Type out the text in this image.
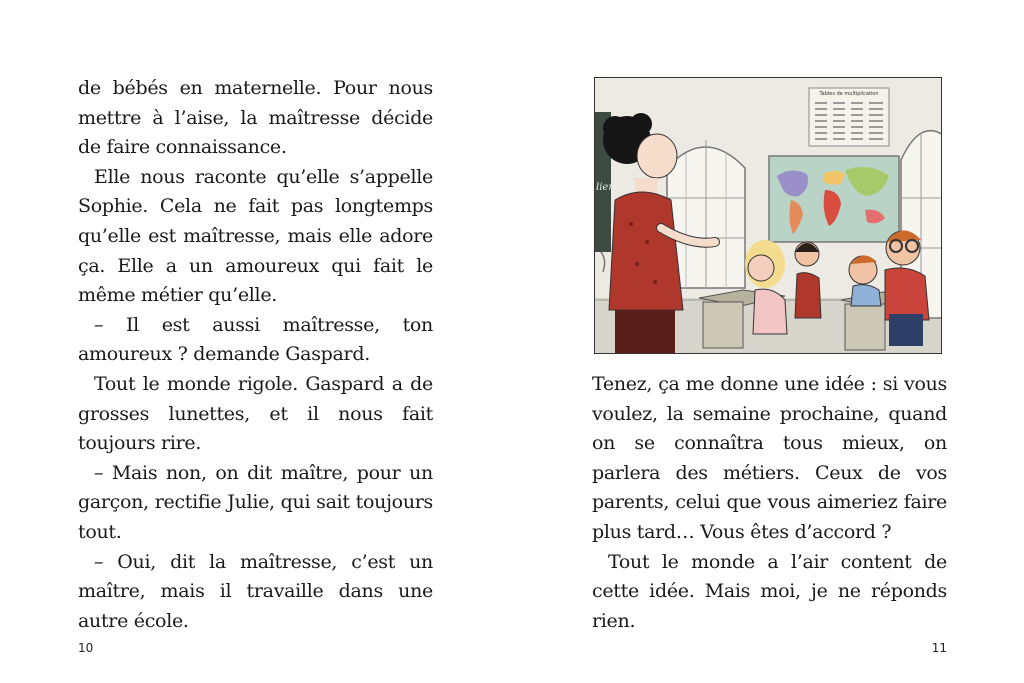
de bébés en maternelle. Pour nous mettre à l’aise, la maîtresse décide de faire connaissance.

Elle nous raconte qu’elle s’appelle Sophie. Cela ne fait pas longtemps qu’elle est maîtresse, mais elle adore ça. Elle a un amoureux qui fait le même métier qu’elle.

– Il est aussi maîtresse, ton amoureux ? demande Gaspard.

Tout le monde rigole. Gaspard a de grosses lunettes, et il nous fait toujours rire.

– Mais non, on dit maître, pour un garçon, rectifie Julie, qui sait toujours tout.

– Oui, dit la maîtresse, c’est un maître, mais il travaille dans une autre école.

10
lier
Tables de multiplication

Tenez, ça me donne une idée : si vous voulez, la semaine prochaine, quand on se connaîtra tous mieux, on parlera des métiers. Ceux de vos parents, celui que vous aimeriez faire plus tard… Vous êtes d’accord ?

Tout le monde a l’air content de cette idée. Mais moi, je ne réponds rien.

11
